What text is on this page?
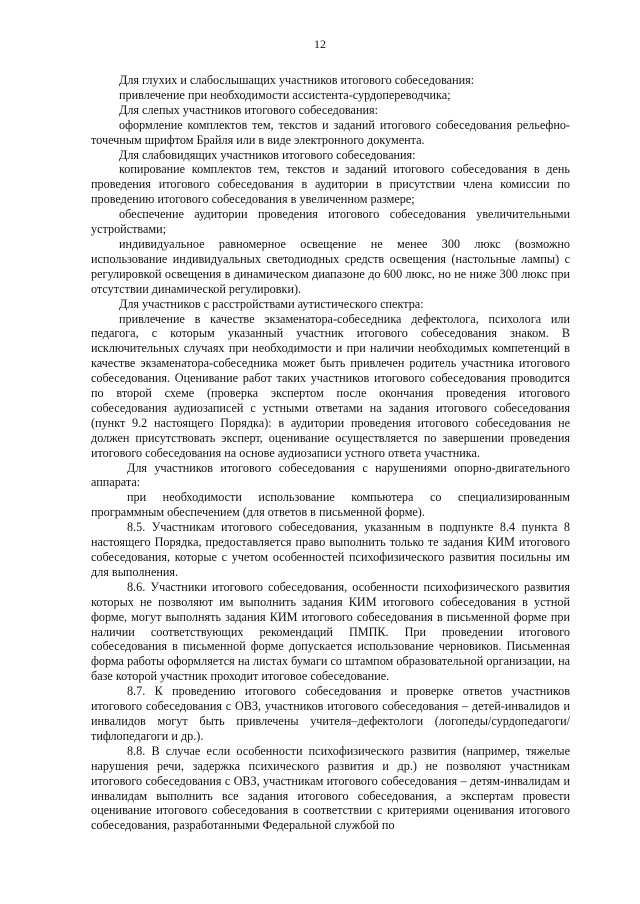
12

Для глухих и слабослышащих участников итогового собеседования:

привлечение при необходимости ассистента-сурдопереводчика;

Для слепых участников итогового собеседования:

оформление комплектов тем, текстов и заданий итогового собеседования рельефно-точечным шрифтом Брайля или в виде электронного документа.

Для слабовидящих участников итогового собеседования:

копирование комплектов тем, текстов и заданий итогового собеседования в день проведения итогового собеседования в аудитории в присутствии члена комиссии по проведению итогового собеседования в увеличенном размере;

обеспечение аудитории проведения итогового собеседования увеличительными устройствами;

индивидуальное равномерное освещение не менее 300 люкс (возможно использование индивидуальных светодиодных средств освещения (настольные лампы) с регулировкой освещения в динамическом диапазоне до 600 люкс, но не ниже 300 люкс при отсутствии динамической регулировки).

Для участников с расстройствами аутистического спектра:

привлечение в качестве экзаменатора-собеседника дефектолога, психолога или педагога, с которым указанный участник итогового собеседования знаком. В исключительных случаях при необходимости и при наличии необходимых компетенций в качестве экзаменатора-собеседника может быть привлечен родитель участника итогового собеседования. Оценивание работ таких участников итогового собеседования проводится по второй схеме (проверка экспертом после окончания проведения итогового собеседования аудиозаписей с устными ответами на задания итогового собеседования (пункт 9.2 настоящего Порядка): в аудитории проведения итогового собеседования не должен присутствовать эксперт, оценивание осуществляется по завершении проведения итогового собеседования на основе аудиозаписи устного ответа участника.

Для участников итогового собеседования с нарушениями опорно-двигательного аппарата:

при необходимости использование компьютера со специализированным программным обеспечением (для ответов в письменной форме).

8.5. Участникам итогового собеседования, указанным в подпункте 8.4 пункта 8 настоящего Порядка, предоставляется право выполнить только те задания КИМ итогового собеседования, которые с учетом особенностей психофизического развития посильны им для выполнения.

8.6. Участники итогового собеседования, особенности психофизического развития которых не позволяют им выполнить задания КИМ итогового собеседования в устной форме, могут выполнять задания КИМ итогового собеседования в письменной форме при наличии соответствующих рекомендаций ПМПК. При проведении итогового собеседования в письменной форме допускается использование черновиков. Письменная форма работы оформляется на листах бумаги со штампом образовательной организации, на базе которой участник проходит итоговое собеседование.

8.7. К проведению итогового собеседования и проверке ответов участников итогового собеседования с ОВЗ, участников итогового собеседования – детей-инвалидов и инвалидов могут быть привлечены учителя–дефектологи (логопеды/сурдопедагоги/ тифлопедагоги и др.).

8.8. В случае если особенности психофизического развития (например, тяжелые нарушения речи, задержка психического развития и др.) не позволяют участникам итогового собеседования с ОВЗ, участникам итогового собеседования – детям-инвалидам и инвалидам выполнить все задания итогового собеседования, а экспертам провести оценивание итогового собеседования в соответствии с критериями оценивания итогового собеседования, разработанными Федеральной службой по
